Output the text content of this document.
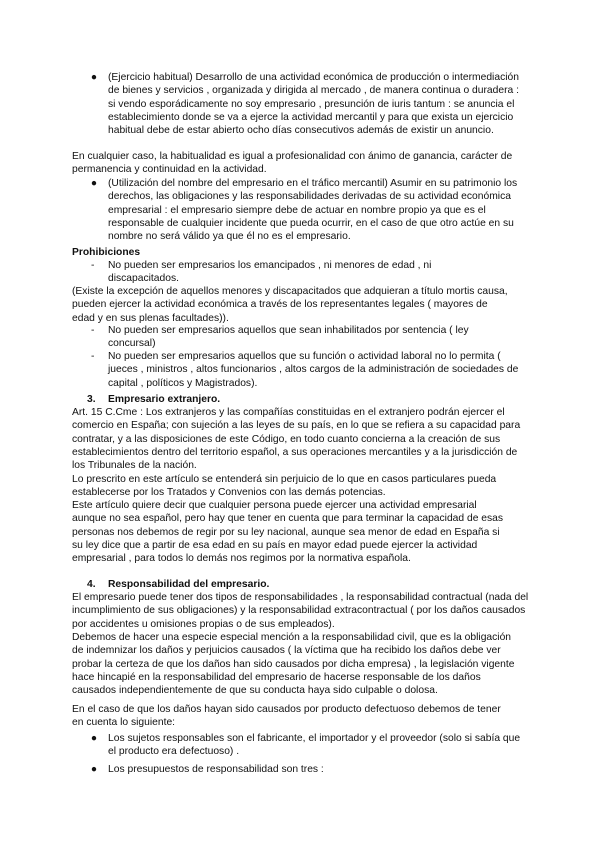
● (Ejercicio habitual) Desarrollo de una actividad económica de producción o intermediación de bienes y servicios , organizada y dirigida al mercado , de manera continua o duradera : si vendo esporádicamente no soy empresario , presunción de iuris tantum : se anuncia el establecimiento donde se va a ejerce la actividad mercantil y para que exista un ejercicio habitual debe de estar abierto ocho días consecutivos además de existir un anuncio.

En cualquier caso, la habitualidad es igual a profesionalidad con ánimo de ganancia, carácter de permanencia y continuidad en la actividad.

● (Utilización del nombre del empresario en el tráfico mercantil) Asumir en su patrimonio los derechos, las obligaciones y las responsabilidades derivadas de su actividad económica empresarial : el empresario siempre debe de actuar en nombre propio ya que es el responsable de cualquier incidente que pueda ocurrir, en el caso de que otro actúe en su nombre no será válido ya que él no es el empresario.

Prohibiciones
- No pueden ser empresarios los emancipados , ni menores de edad , ni discapacitados.

(Existe la excepción de aquellos menores y discapacitados que adquieran a título mortis causa, pueden ejercer la actividad económica a través de los representantes legales ( mayores de edad y en sus plenas facultades)).

- No pueden ser empresarios aquellos que sean inhabilitados por sentencia ( ley concursal)

- No pueden ser empresarios aquellos que su función o actividad laboral no lo permita ( jueces , ministros , altos funcionarios , altos cargos de la administración de sociedades de capital , políticos y Magistrados).

3. Empresario extranjero.

Art. 15 C.Cme : Los extranjeros y las compañías constituidas en el extranjero podrán ejercer el comercio en España; con sujeción a las leyes de su país, en lo que se refiera a su capacidad para contratar, y a las disposiciones de este Código, en todo cuanto concierna a la creación de sus establecimientos dentro del territorio español, a sus operaciones mercantiles y a la jurisdicción de los Tribunales de la nación.

Lo prescrito en este artículo se entenderá sin perjuicio de lo que en casos particulares pueda establecerse por los Tratados y Convenios con las demás potencias.

Este artículo quiere decir que cualquier persona puede ejercer una actividad empresarial aunque no sea español, pero hay que tener en cuenta que para terminar la capacidad de esas personas nos debemos de regir por su ley nacional, aunque sea menor de edad en España si su ley dice que a partir de esa edad en su país en mayor edad puede ejercer la actividad empresarial , para todos lo demás nos regimos por la normativa española.

4. Responsabilidad del empresario.

El empresario puede tener dos tipos de responsabilidades , la responsabilidad contractual (nada del incumplimiento de sus obligaciones) y la responsabilidad extracontractual ( por los daños causados por accidentes u omisiones propias o de sus empleados).

Debemos de hacer una especie especial mención a la responsabilidad civil, que es la obligación de indemnizar los daños y perjuicios causados ( la víctima que ha recibido los daños debe ver probar la certeza de que los daños han sido causados por dicha empresa) , la legislación vigente hace hincapié en la responsabilidad del empresario de hacerse responsable de los daños causados independientemente de que su conducta haya sido culpable o dolosa.

En el caso de que los daños hayan sido causados por producto defectuoso debemos de tener en cuenta lo siguiente:

● Los sujetos responsables son el fabricante, el importador y el proveedor (solo si sabía que el producto era defectuoso) .

● Los presupuestos de responsabilidad son tres :
